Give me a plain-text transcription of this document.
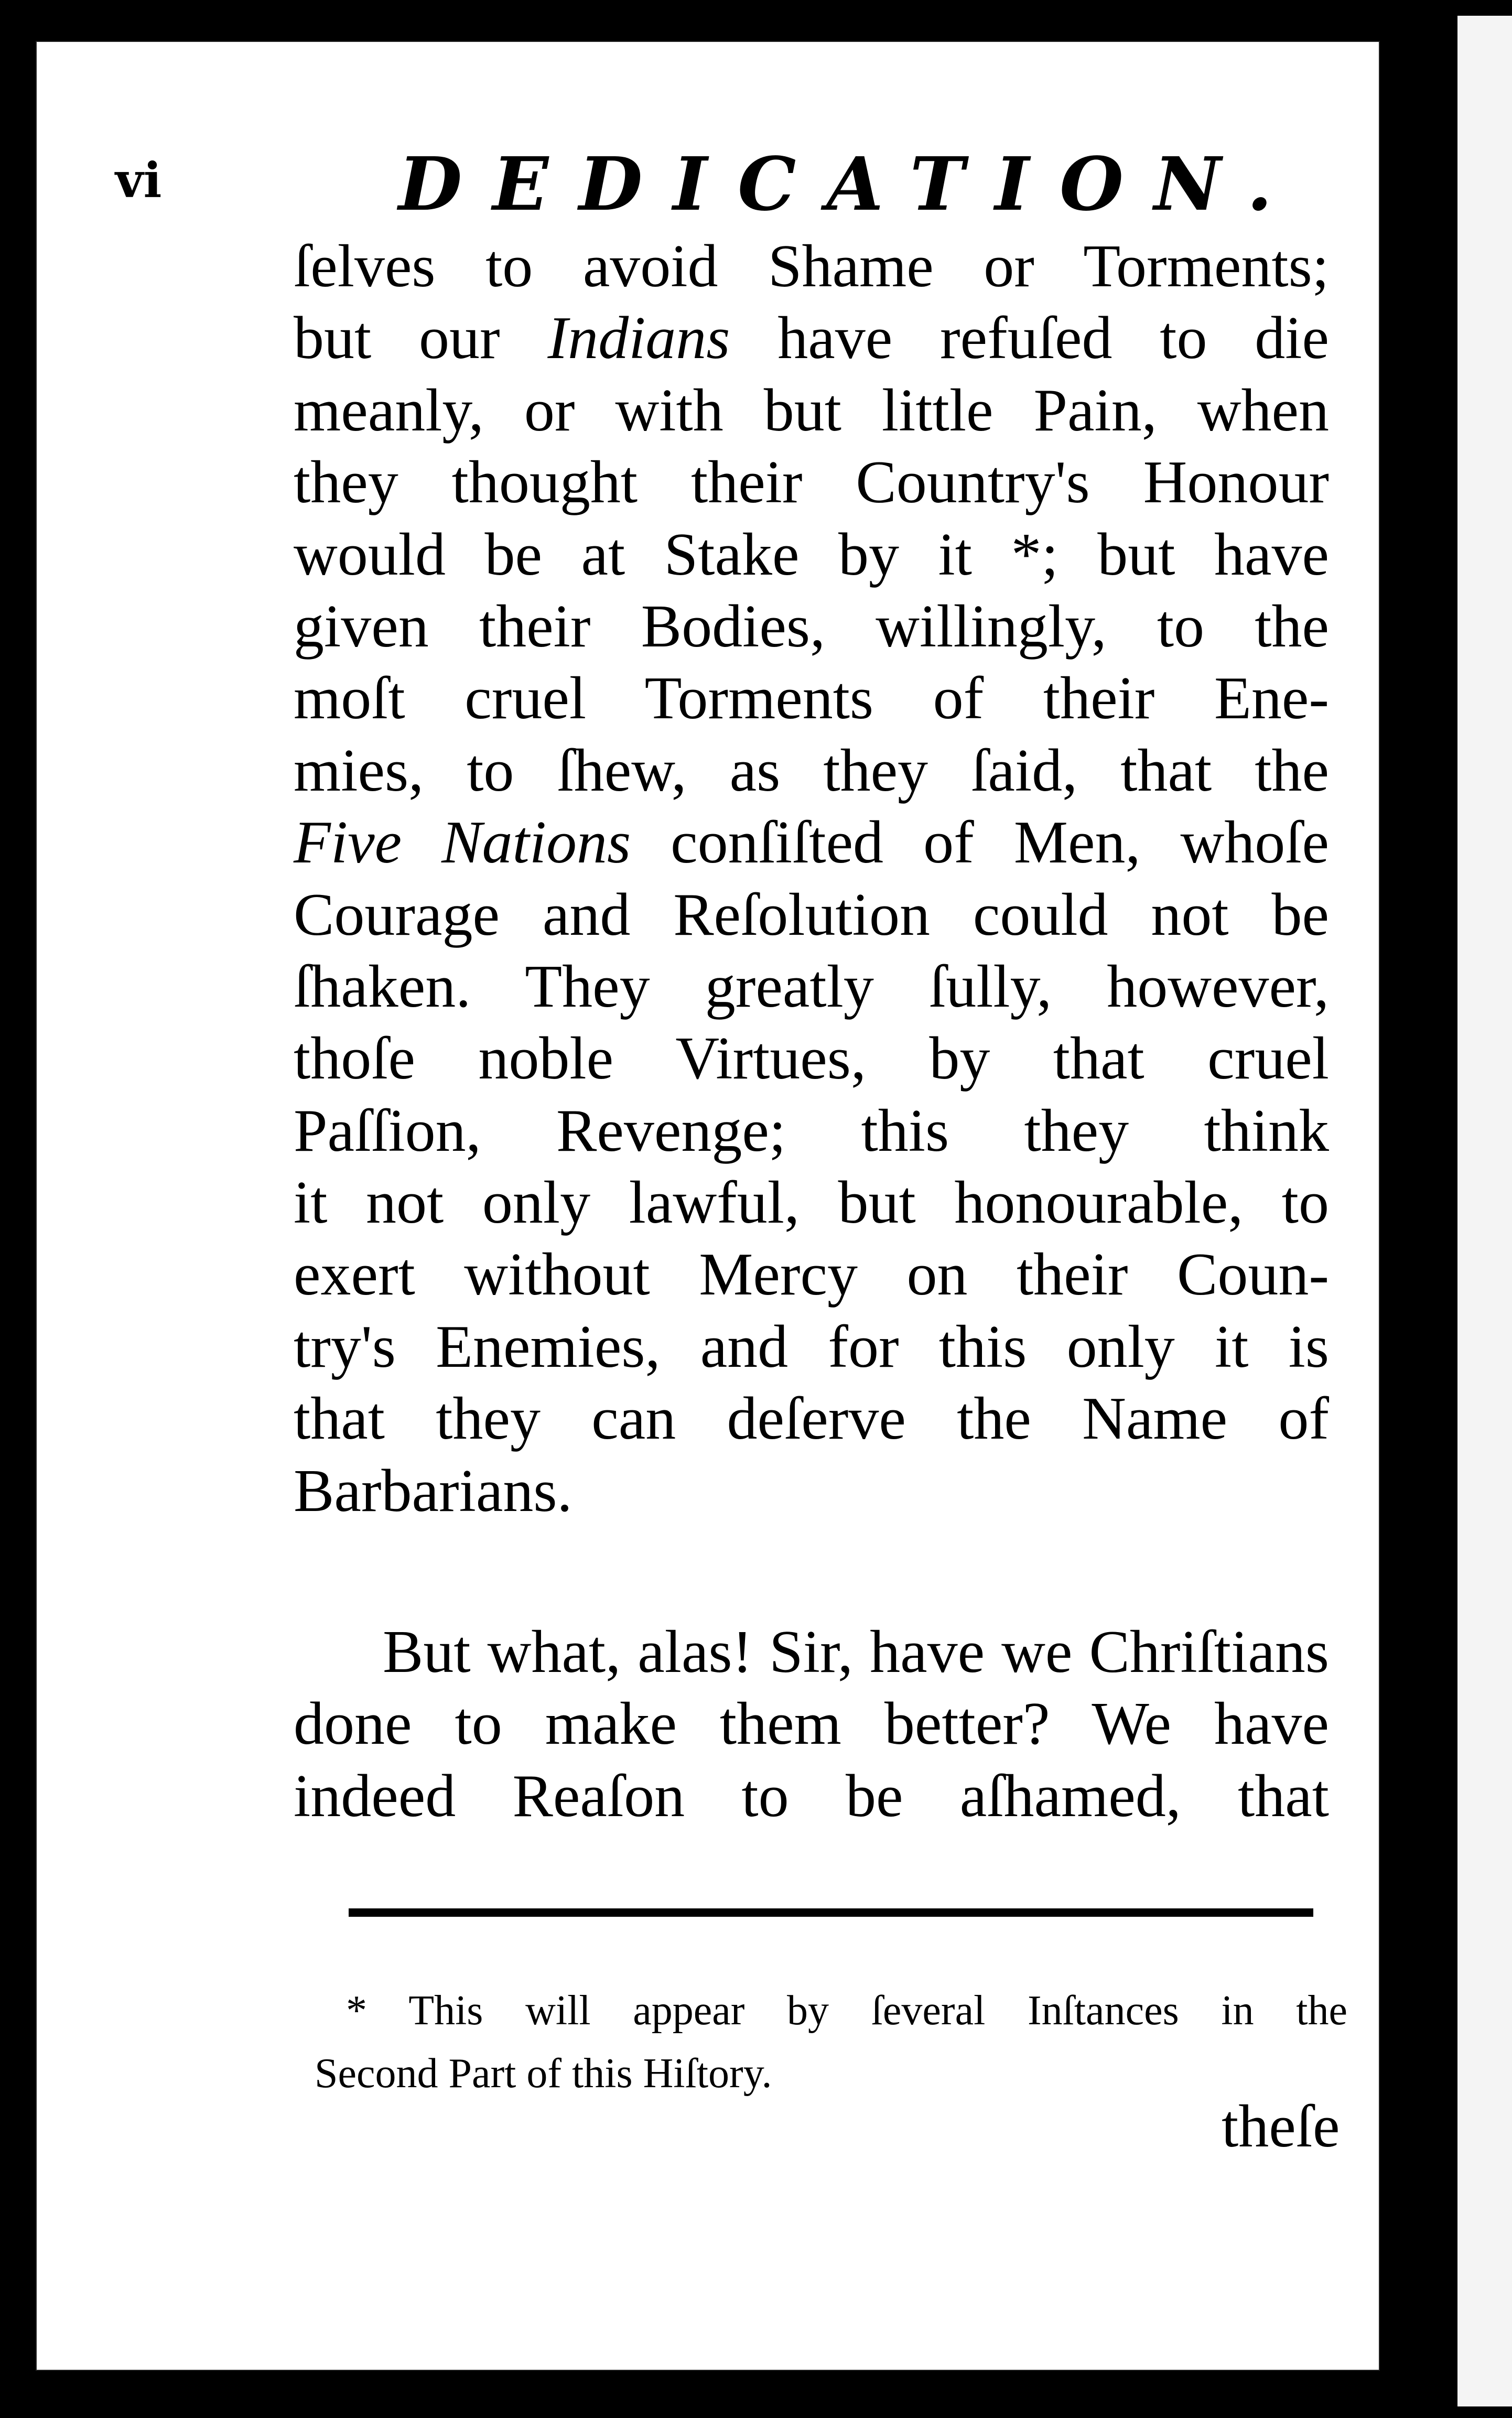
vi	DEDICATION.
ſelves to avoid Shame or Torments;
but our Indians have refuſed to die
meanly, or with but little Pain, when
they thought their Country's Honour
would be at Stake by it *; but have
given their Bodies, willingly, to the
moſt cruel Torments of their Ene-
mies, to ſhew, as they ſaid, that the
Five Nations conſiſted of Men, whoſe
Courage and Reſolution could not be
ſhaken. They greatly ſully, however,
thoſe noble Virtues, by that cruel
Paſſion, Revenge; this they think
it not only lawful, but honourable, to
exert without Mercy on their Coun-
try's Enemies, and for this only it is
that they can deſerve the Name of
Barbarians.
But what, alas! Sir, have we Chriſtians
done to make them better? We have
indeed Reaſon to be aſhamed, that
* This will appear by ſeveral Inſtances in the
Second Part of this Hiſtory.
theſe
